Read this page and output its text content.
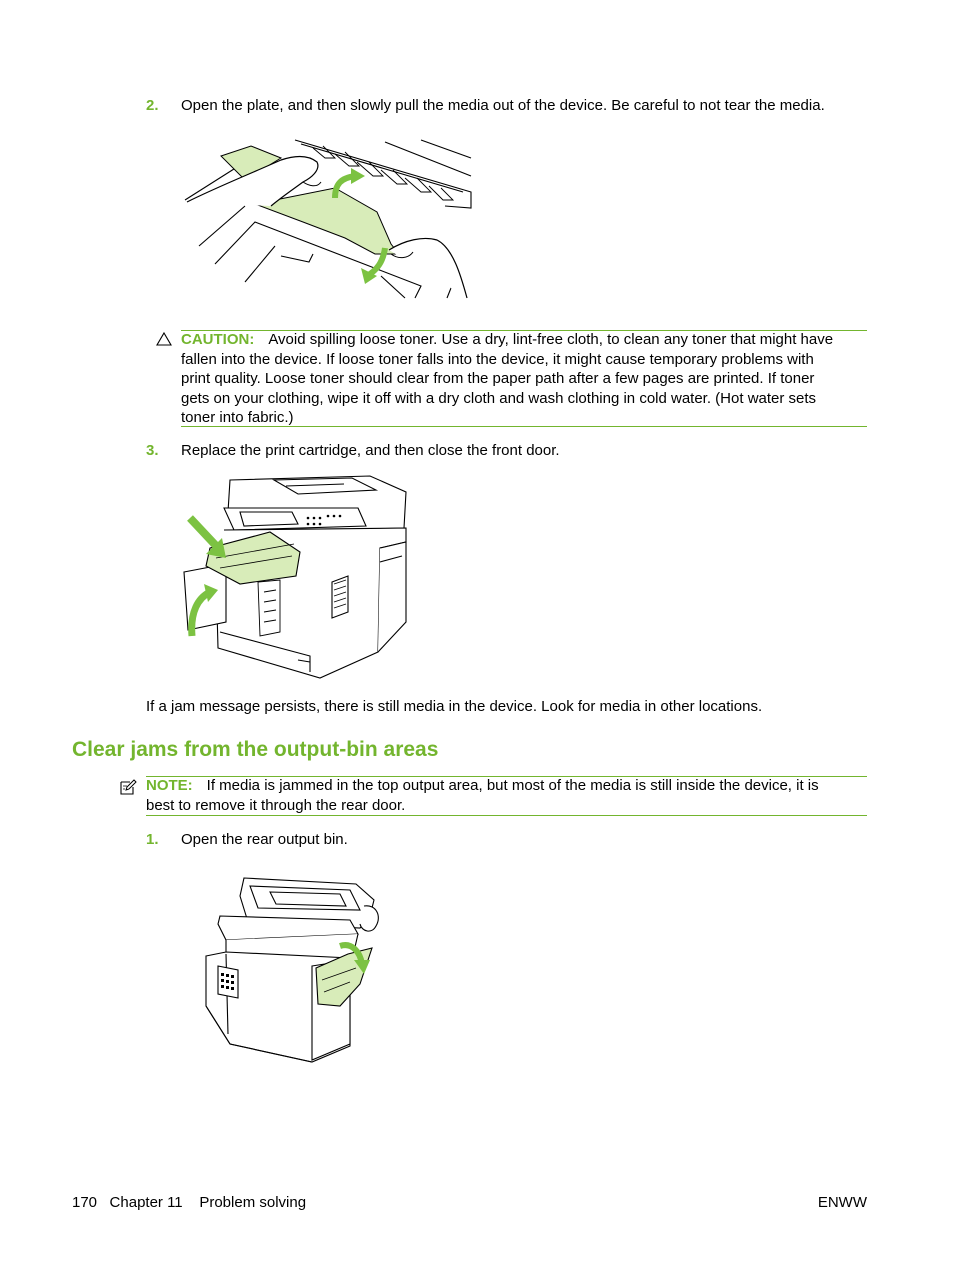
2.	Open the plate, and then slowly pull the media out of the device. Be careful to not tear the media.
CAUTION: Avoid spilling loose toner. Use a dry, lint-free cloth, to clean any toner that might have
fallen into the device. If loose toner falls into the device, it might cause temporary problems with
print quality. Loose toner should clear from the paper path after a few pages are printed. If toner
gets on your clothing, wipe it off with a dry cloth and wash clothing in cold water. (Hot water sets
toner into fabric.)
3.	Replace the print cartridge, and then close the front door.
If a jam message persists, there is still media in the device. Look for media in other locations.
Clear jams from the output-bin areas
NOTE: If media is jammed in the top output area, but most of the media is still inside the device, it is
best to remove it through the rear door.
1.	Open the rear output bin.
170 Chapter 11 Problem solving	ENWW
